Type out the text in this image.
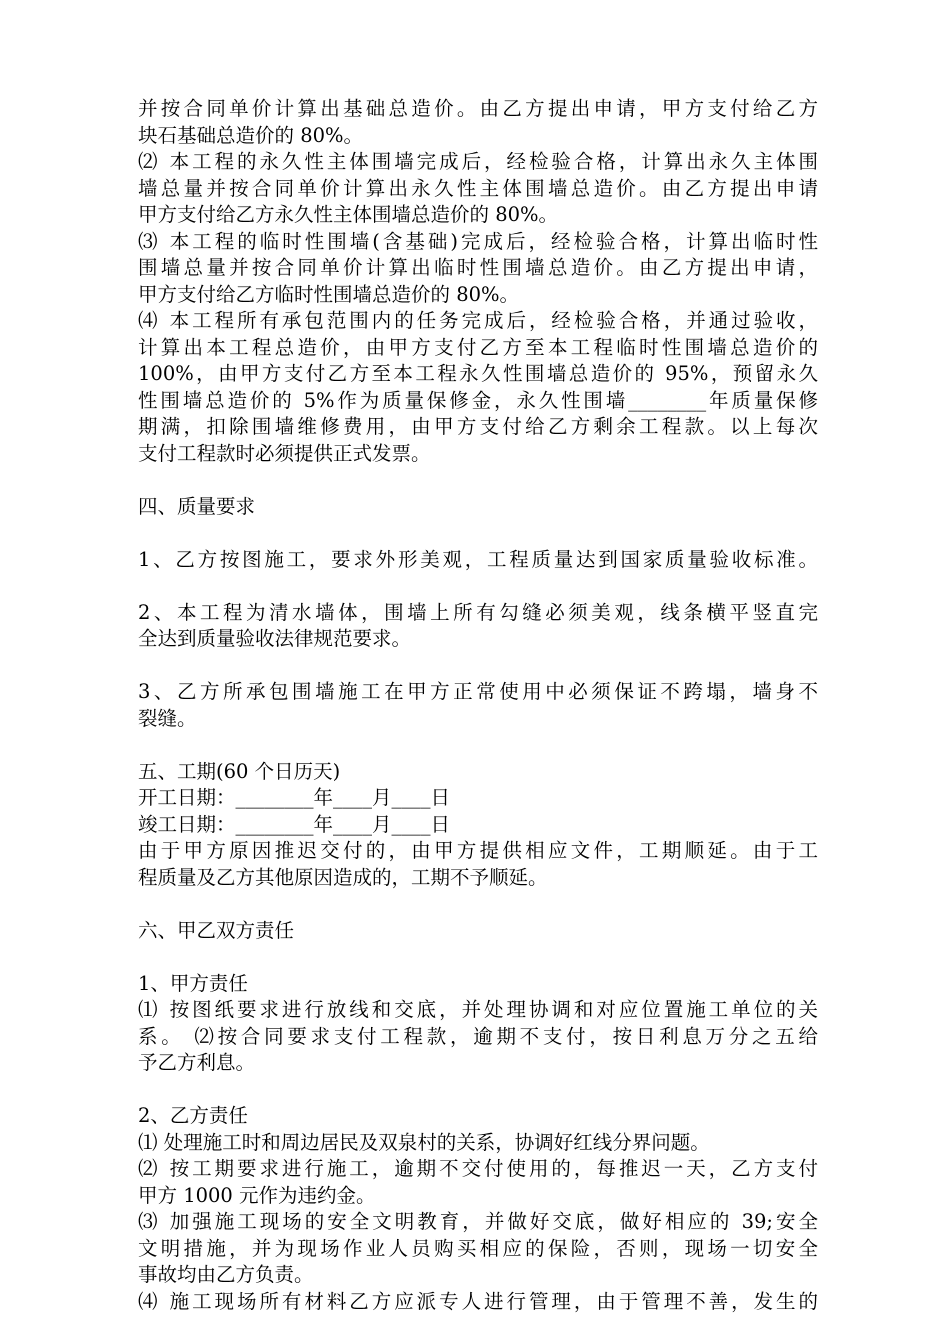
并按合同单价计算出基础总造价。由乙方提出申请，甲方支付给乙方
块石基础总造价的 80%。
⑵ 本工程的永久性主体围墙完成后，经检验合格，计算出永久主体围
墙总量并按合同单价计算出永久性主体围墙总造价。由乙方提出申请
甲方支付给乙方永久性主体围墙总造价的 80%。
⑶ 本工程的临时性围墙(含基础)完成后，经检验合格，计算出临时性
围墙总量并按合同单价计算出临时性围墙总造价。由乙方提出申请，
甲方支付给乙方临时性围墙总造价的 80%。
⑷ 本工程所有承包范围内的任务完成后，经检验合格，并通过验收，
计算出本工程总造价，由甲方支付乙方至本工程临时性围墙总造价的
100%，由甲方支付乙方至本工程永久性围墙总造价的 95%，预留永久
性围墙总造价的 5%作为质量保修金，永久性围墙________年质量保修
期满，扣除围墙维修费用，由甲方支付给乙方剩余工程款。以上每次
支付工程款时必须提供正式发票。
四、质量要求
1、乙方按图施工，要求外形美观，工程质量达到国家质量验收标准。
2、本工程为清水墙体，围墙上所有勾缝必须美观，线条横平竖直完
全达到质量验收法律规范要求。
3、乙方所承包围墙施工在甲方正常使用中必须保证不跨塌，墙身不
裂缝。
五、工期(60 个日历天)
开工日期：________年____月____日
竣工日期：________年____月____日
由于甲方原因推迟交付的，由甲方提供相应文件，工期顺延。由于工
程质量及乙方其他原因造成的，工期不予顺延。
六、甲乙双方责任
1、甲方责任
⑴ 按图纸要求进行放线和交底，并处理协调和对应位置施工单位的关
系。 ⑵按合同要求支付工程款，逾期不支付，按日利息万分之五给
予乙方利息。
2、乙方责任
⑴ 处理施工时和周边居民及双泉村的关系，协调好红线分界问题。
⑵ 按工期要求进行施工，逾期不交付使用的，每推迟一天，乙方支付
甲方 1000 元作为违约金。
⑶ 加强施工现场的安全文明教育，并做好交底，做好相应的 39;安全
文明措施，并为现场作业人员购买相应的保险，否则，现场一切安全
事故均由乙方负责。
⑷ 施工现场所有材料乙方应派专人进行管理，由于管理不善，发生的
